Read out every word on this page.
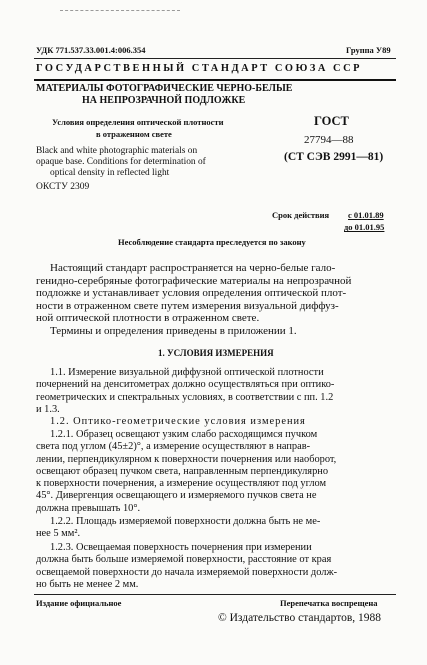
УДК 771.537.33.001.4:006.354	Группа У89
ГОСУДАРСТВЕННЫЙ СТАНДАРТ СОЮЗА ССР
МАТЕРИАЛЫ ФОТОГРАФИЧЕСКИЕ ЧЕРНО-БЕЛЫЕ
НА НЕПРОЗРАЧНОЙ ПОДЛОЖКЕ
Условия определения оптической плотности
в отраженном свете
Black and white photographic materials on
opaque base. Conditions for determination of
optical density in reflected light
ГОСТ
27794—88
(СТ СЭВ 2991—81)
ОКСТУ 2309
Срок действия с 01.01.89
до 01.01.95
Несоблюдение стандарта преследуется по закону
Настоящий стандарт распространяется на черно-белые гало-
генидно-серебряные фотографические материалы на непрозрачной
подложке и устанавливает условия определения оптической плот-
ности в отраженном свете путем измерения визуальной диффуз-
ной оптической плотности в отраженном свете.
Термины и определения приведены в приложении 1.
1. УСЛОВИЯ ИЗМЕРЕНИЯ
1.1. Измерение визуальной диффузной оптической плотности
почернений на денситометрах должно осуществляться при оптико-
геометрических и спектральных условиях, в соответствии с пп. 1.2
и 1.3.
1.2. Оптико-геометрические условия измерения
1.2.1. Образец освещают узким слабо расходящимся пучком
света под углом (45±2)°, а измерение осуществляют в направ-
лении, перпендикулярном к поверхности почернения или наоборот,
освещают образец пучком света, направленным перпендикулярно
к поверхности почернения, а измерение осуществляют под углом
45°. Дивергенция освещающего и измеряемого пучков света не
должна превышать 10°.
1.2.2. Площадь измеряемой поверхности должна быть не ме-
нее 5 мм².
1.2.3. Освещаемая поверхность почернения при измерении
должна быть больше измеряемой поверхности, расстояние от края
освещаемой поверхности до начала измеряемой поверхности долж-
но быть не менее 2 мм.
Издание официальное	Перепечатка воспрещена
© Издательство стандартов, 1988
